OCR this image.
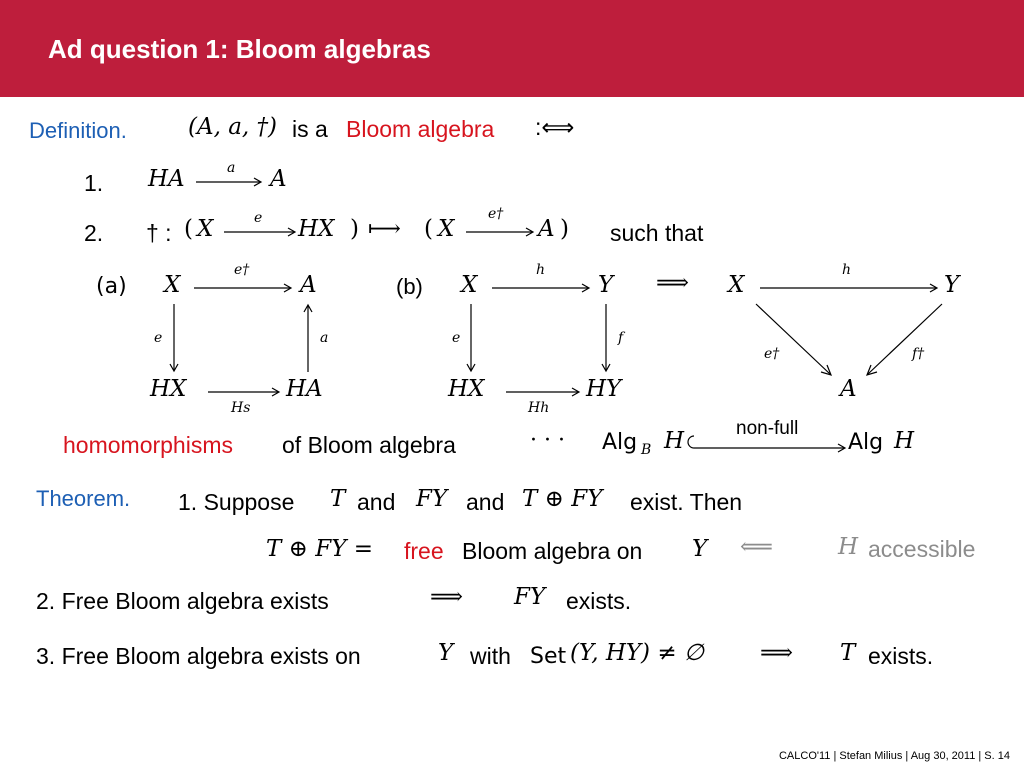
Ad question 1: Bloom algebras
Definition.	(A, a, †) is a Bloom algebra :⟺
1. HA	a A
2. † : ( X	e HX ) ⟼ ( X
e†
A ) such that
(a) X	A
HX	HA
e†
e	a
Hs
(b) X	Y
HX	HY
h
e	f
Hh
⟹ X	Y
A
h
e†	f†
homomorphisms of Bloom algebra	· · · Alg B H	non-full
Alg H
Theorem. 1. Suppose T and FY and T ⊕ FY exist. Then
T ⊕ FY = free Bloom algebra on Y ⟸	H accessible
2. Free Bloom algebra exists	⟹ FY exists.
3. Free Bloom algebra exists on	Y with Set (Y, HY) ≠ ∅ ⟹ T exists.
CALCO'11 | Stefan Milius | Aug 30, 2011 | S. 14
